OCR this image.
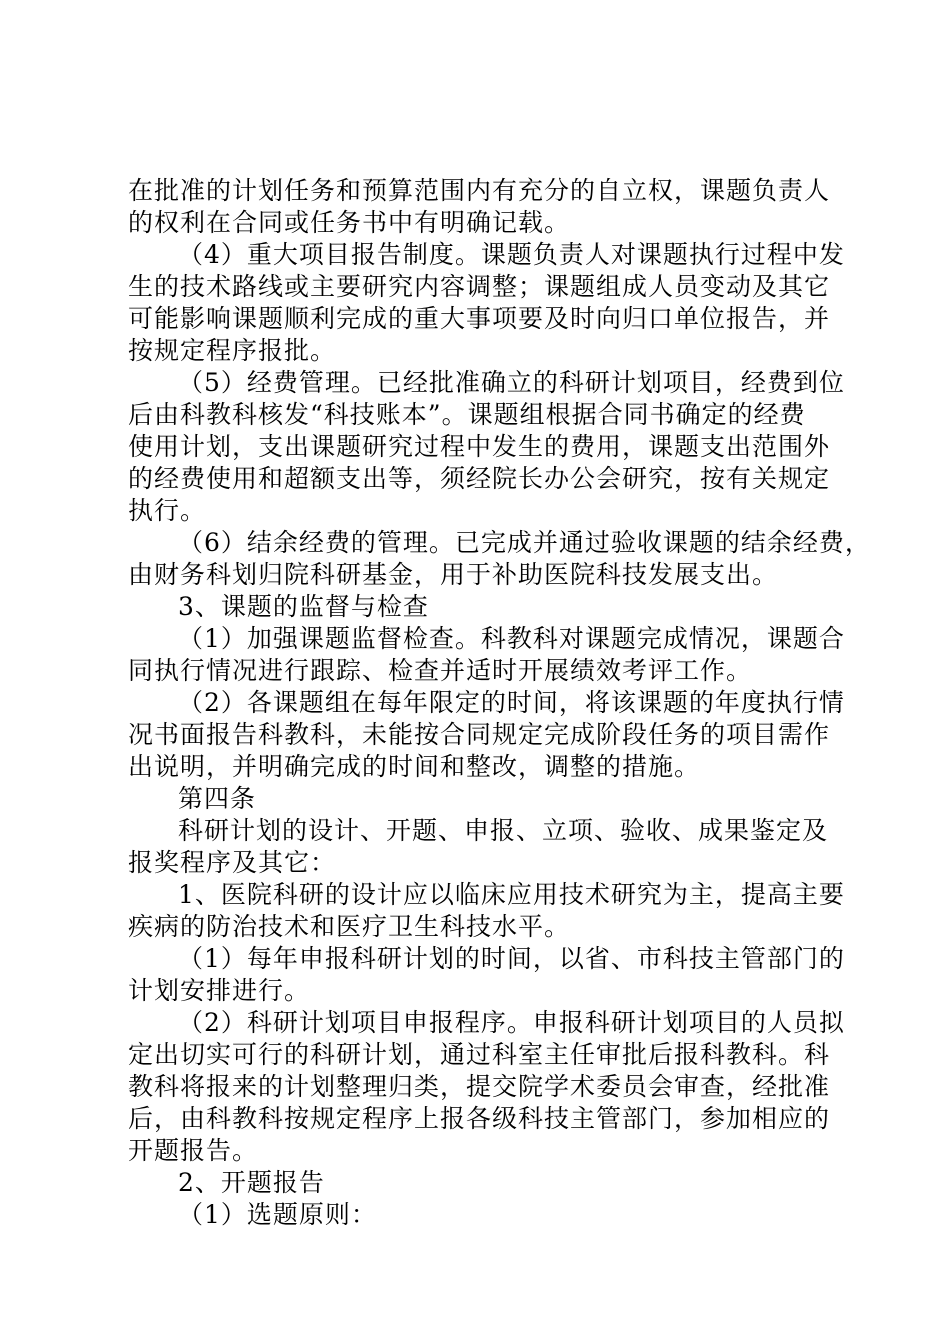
在批准的计划任务和预算范围内有充分的自立权，课题负责人
的权利在合同或任务书中有明确记载。
（4）重大项目报告制度。课题负责人对课题执行过程中发
生的技术路线或主要研究内容调整；课题组成人员变动及其它
可能影响课题顺利完成的重大事项要及时向归口单位报告，并
按规定程序报批。
（5）经费管理。已经批准确立的科研计划项目，经费到位
后由科教科核发“科技账本”。课题组根据合同书确定的经费
使用计划，支出课题研究过程中发生的费用，课题支出范围外
的经费使用和超额支出等，须经院长办公会研究，按有关规定
执行。
（6）结余经费的管理。已完成并通过验收课题的结余经费，
由财务科划归院科研基金，用于补助医院科技发展支出。
3、课题的监督与检查
（1）加强课题监督检查。科教科对课题完成情况，课题合
同执行情况进行跟踪、检查并适时开展绩效考评工作。
（2）各课题组在每年限定的时间，将该课题的年度执行情
况书面报告科教科，未能按合同规定完成阶段任务的项目需作
出说明，并明确完成的时间和整改，调整的措施。
第四条
科研计划的设计、开题、申报、立项、验收、成果鉴定及
报奖程序及其它：
1、医院科研的设计应以临床应用技术研究为主，提高主要
疾病的防治技术和医疗卫生科技水平。
（1）每年申报科研计划的时间，以省、市科技主管部门的
计划安排进行。
（2）科研计划项目申报程序。申报科研计划项目的人员拟
定出切实可行的科研计划，通过科室主任审批后报科教科。科
教科将报来的计划整理归类，提交院学术委员会审查，经批准
后，由科教科按规定程序上报各级科技主管部门，参加相应的
开题报告。
2、开题报告
（1）选题原则：
